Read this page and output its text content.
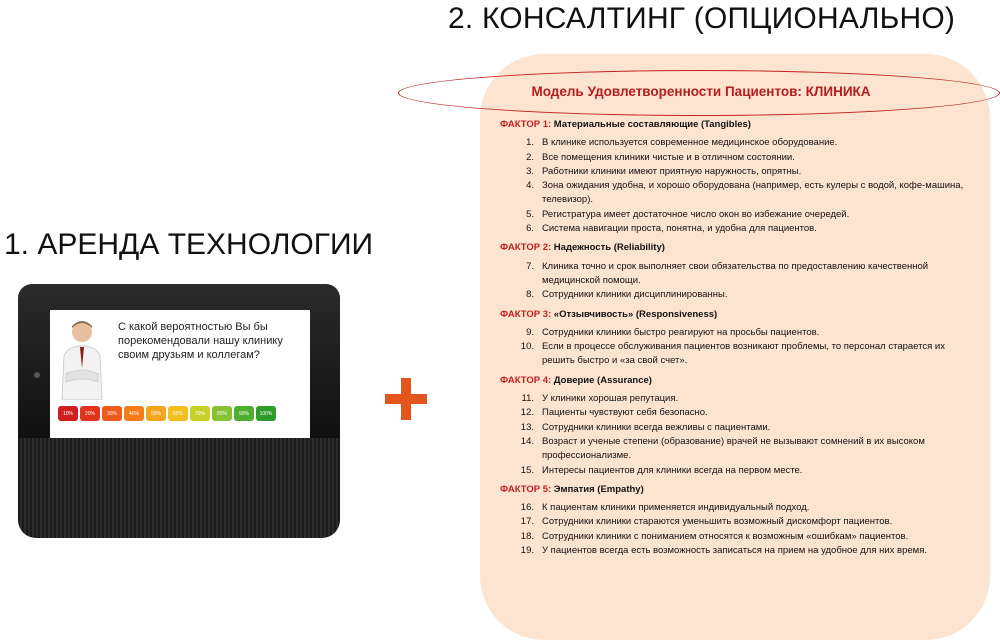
2. КОНСАЛТИНГ (ОПЦИОНАЛЬНО)
1. АРЕНДА ТЕХНОЛОГИИ
С какой вероятностью Вы бы порекомендовали нашу клинику своим друзьям и коллегам?
10%	20%	30%	40%	50%	60%	70%	80%	90%	100%
Модель Удовлетворенности Пациентов: КЛИНИКА
ФАКТОР 1: Материальные составляющие (Tangibles)
1. В клинике используется современное медицинское оборудование.
2. Все помещения клиники чистые и в отличном состоянии.
3. Работники клиники имеют приятную наружность, опрятны.
4. Зона ожидания удобна, и хорошо оборудована (например, есть кулеры с водой, кофе-машина, телевизор).
5. Регистратура имеет достаточное число окон во избежание очередей.
6. Система навигации проста, понятна, и удобна для пациентов.
ФАКТОР 2: Надежность (Reliability)
7. Клиника точно и срок выполняет свои обязательства по предоставлению качественной медицинской помощи.
8. Сотрудники клиники дисциплинированны.
ФАКТОР 3: «Отзывчивость» (Responsiveness)
9. Сотрудники клиники быстро реагируют на просьбы пациентов.
10. Если в процессе обслуживания пациентов возникают проблемы, то персонал старается их решить быстро и «за свой счет».
ФАКТОР 4: Доверие (Assurance)
11. У клиники хорошая репутация.
12. Пациенты чувствуют себя безопасно.
13. Сотрудники клиники всегда вежливы с пациентами.
14. Возраст и ученые степени (образование) врачей не вызывают сомнений в их высоком профессионализме.
15. Интересы пациентов для клиники всегда на первом месте.
ФАКТОР 5: Эмпатия (Empathy)
16. К пациентам клиники применяется индивидуальный подход.
17. Сотрудники клиники стараются уменьшить возможный дискомфорт пациентов.
18. Сотрудники клиники с пониманием относятся к возможным «ошибкам» пациентов.
19. У пациентов всегда есть возможность записаться на прием на удобное для них время.
